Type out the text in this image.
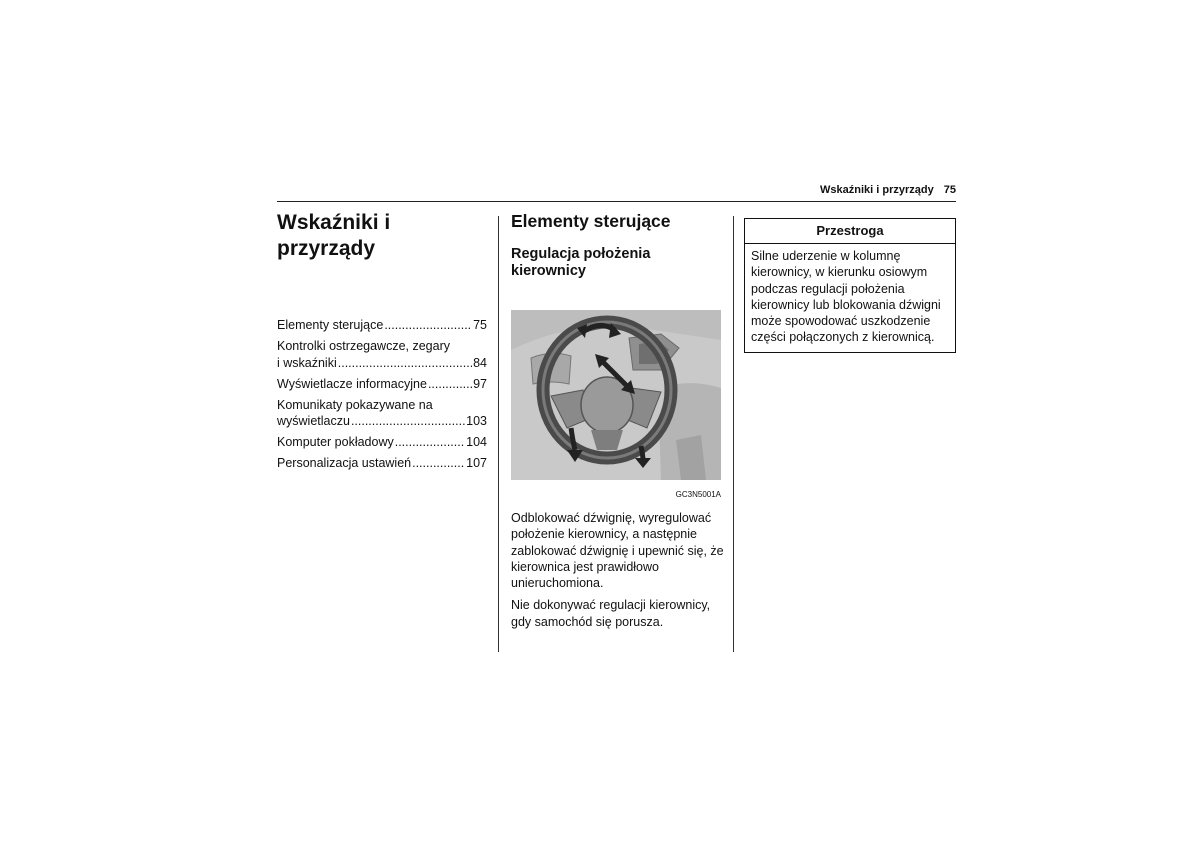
Wskaźniki i przyrządy 75
Wskaźniki i
przyrządy
Elementy sterujące .....	75
Kontrolki ostrzegawcze, zegary
i wskaźniki .....	84
Wyświetlacze informacyjne .....	97
Komunikaty pokazywane na
wyświetlaczu .....	103
Komputer pokładowy .....	104
Personalizacja ustawień .....	107
Elementy sterujące
Regulacja położenia
kierownicy
GC3N5001A

Odblokować dźwignię, wyregulować położenie kierownicy, a następnie zablokować dźwignię i upewnić się, że kierownica jest prawidłowo unieruchomiona.

Nie dokonywać regulacji kierownicy, gdy samochód się porusza.

Przestroga
Silne uderzenie w kolumnę kierownicy, w kierunku osiowym podczas regulacji położenia kierownicy lub blokowania dźwigni może spowodować uszkodzenie części połączonych z kierownicą.
